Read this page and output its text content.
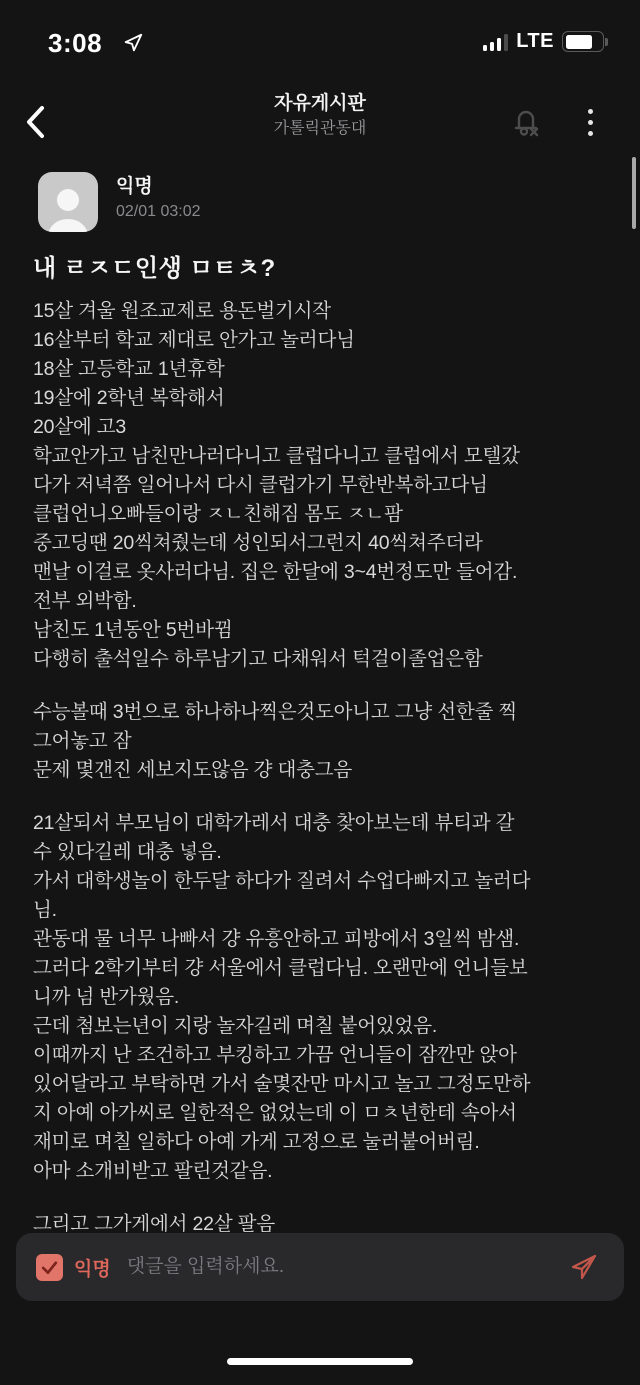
3:08	LTE
자유게시판
가톨릭관동대
익명
02/01 03:02
내 ㄹㅈㄷ인생 ㅁㅌㅊ?
15살 겨울 원조교제로 용돈벌기시작
16살부터 학교 제대로 안가고 놀러다님
18살 고등학교 1년휴학
19살에 2학년 복학해서
20살에 고3
학교안가고 남친만나러다니고 클럽다니고 클럽에서 모텔갔
다가 저녁쯤 일어나서 다시 클럽가기 무한반복하고다님
클럽언니오빠들이랑 ㅈㄴ친해짐 몸도 ㅈㄴ팜
중고딩땐 20씩쳐줬는데 성인되서그런지 40씩쳐주더라
맨날 이걸로 옷사러다님. 집은 한달에 3~4번정도만 들어감.
전부 외박함.
남친도 1년동안 5번바뀜
다행히 출석일수 하루남기고 다채워서 턱걸이졸업은함
수능볼때 3번으로 하나하나찍은것도아니고 그냥 선한줄 찍
그어놓고 잠
문제 몇갠진 세보지도않음 걍 대충그음
21살되서 부모님이 대학가레서 대충 찾아보는데 뷰티과 갈
수 있다길레 대충 넣음.
가서 대학생놀이 한두달 하다가 질려서 수업다빠지고 놀러다
님.
관동대 물 너무 나빠서 걍 유흥안하고 피방에서 3일씩 밤샘.
그러다 2학기부터 걍 서울에서 클럽다님. 오랜만에 언니들보
니까 넘 반가웠음.
근데 첨보는년이 지랑 놀자길레 며칠 붙어있었음.
이때까지 난 조건하고 부킹하고 가끔 언니들이 잠깐만 앉아
있어달라고 부탁하면 가서 술몇잔만 마시고 놀고 그정도만하
지 아예 아가씨로 일한적은 없었는데 이 ㅁㅊ년한테 속아서
재미로 며칠 일하다 아예 가게 고정으로 눌러붙어버림.
아마 소개비받고 팔린것같음.
그리고 그가게에서 22살 팔음
익명
댓글을 입력하세요.
